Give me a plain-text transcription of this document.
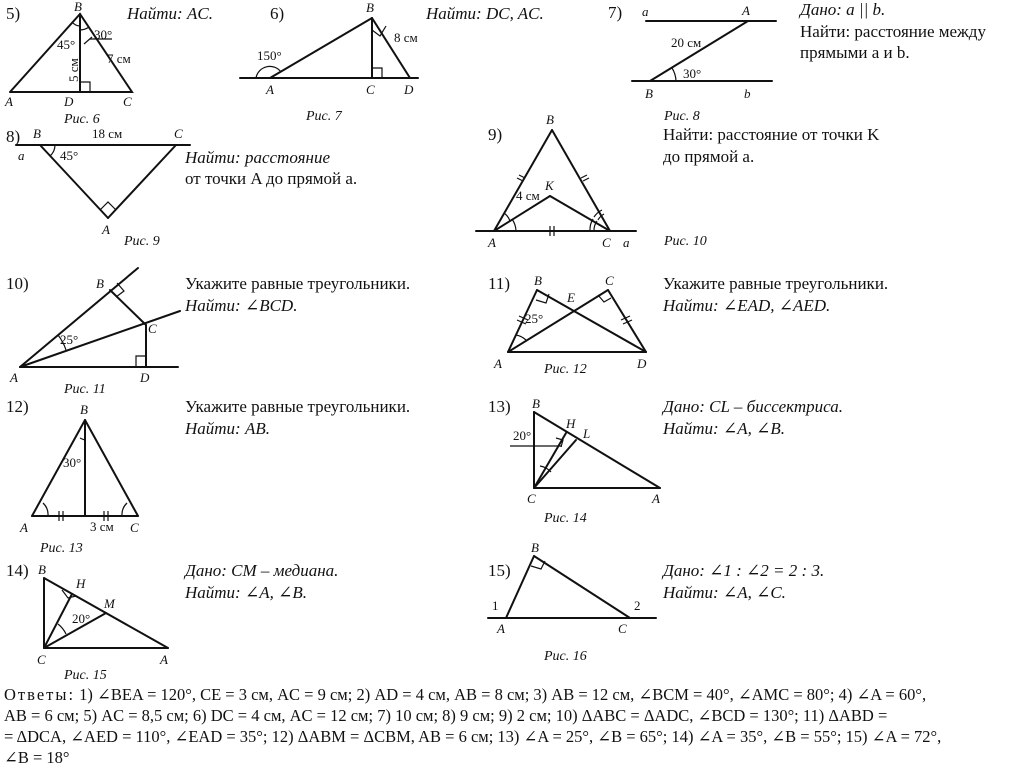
5)	Найти: AC.
B
A	D	C
45°
30°
5 см 7 см
Рис. 6
6)	Найти: DC, AC.
B
A	C D
150°
8 см
Рис. 7
7)	Дано: a || b.
Найти: расстояние между
прямыми a и b.
a	A
B	b
20 см
30°
Рис. 8
8)
Найти: расстояние
от точки A до прямой a.
B	C
a
A
18 см
45°
Рис. 9
9)	Найти: расстояние от точки K
до прямой a.
B
K
A	C a
4 см
Рис. 10
10)	Укажите равные треугольники.
Найти: ∠BCD.
B
C
A	D
25°
Рис. 11
11)	Укажите равные треугольники.
Найти: ∠EAD, ∠AED.
B
E
C
A	D
25°
Рис. 12
12)	Укажите равные треугольники.
Найти: AB.
B
A	C
30°
3 см
Рис. 13
13)	Дано: CL – биссектриса.
Найти: ∠A, ∠B.
B
H
L
C	A
20°
Рис. 14
14)	Дано: CM – медиана.
Найти: ∠A, ∠B.
B
H
M
C	A
20°
Рис. 15
15)	Дано: ∠1 : ∠2 = 2 : 3.
Найти: ∠A, ∠C.
B
A	C
1	2
Рис. 16
Ответы: 1) ∠BEA = 120°, CE = 3 см, AC = 9 см; 2) AD = 4 см, AB = 8 см; 3) AB = 12 см, ∠BCM = 40°, ∠AMC = 80°; 4) ∠A = 60°,
AB = 6 см; 5) AC = 8,5 см; 6) DC = 4 см, AC = 12 см; 7) 10 см; 8) 9 см; 9) 2 см; 10) ΔABC = ΔADC, ∠BCD = 130°; 11) ΔABD =
= ΔDCA, ∠AED = 110°, ∠EAD = 35°; 12) ΔABM = ΔCBM, AB = 6 см; 13) ∠A = 25°, ∠B = 65°; 14) ∠A = 35°, ∠B = 55°; 15) ∠A = 72°,
∠B = 18°
